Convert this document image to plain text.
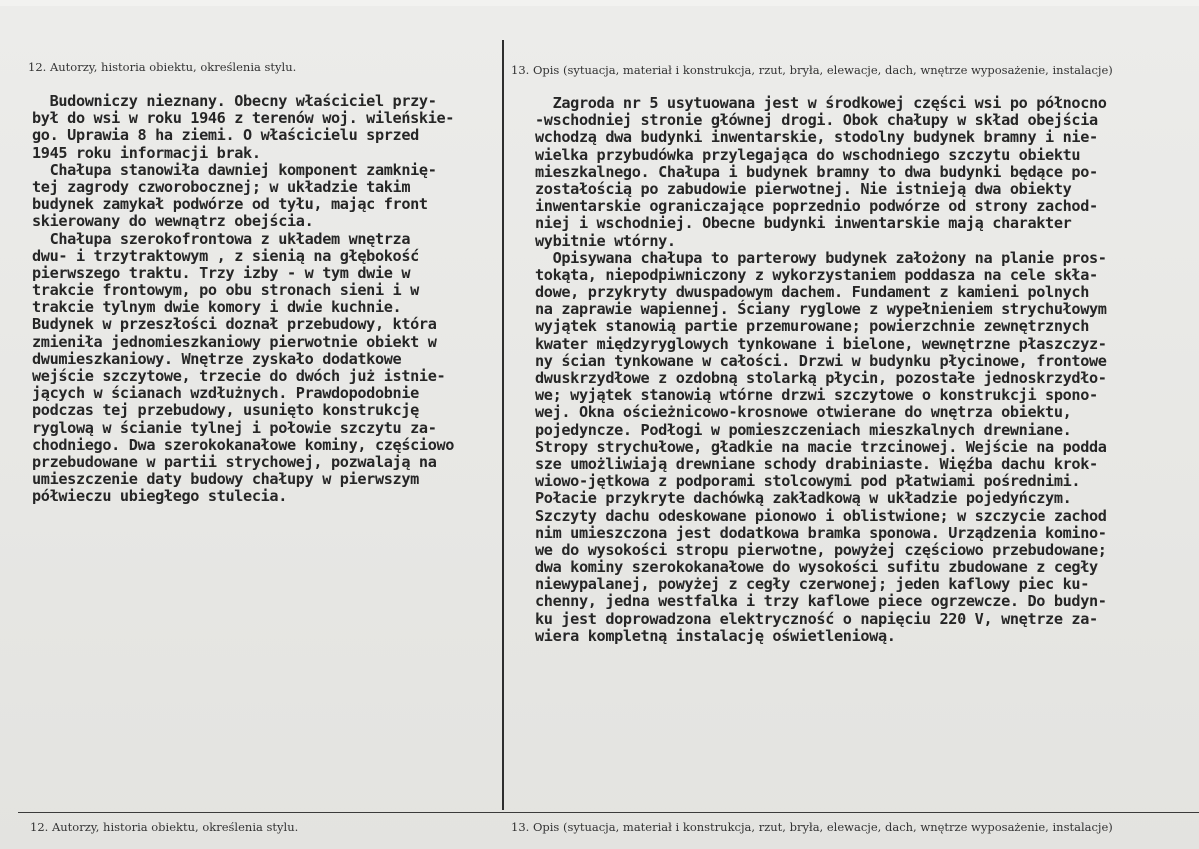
12. Autorzy, historia obiektu, określenia stylu.	13. Opis (sytuacja, materiał i konstrukcja, rzut, bryła, elewacje, dach, wnętrze wyposażenie, instalacje)
Budowniczy nieznany. Obecny właściciel przy-
był do wsi w roku 1946 z terenów woj. wileńskie-
go. Uprawia 8 ha ziemi. O właścicielu sprzed
1945 roku informacji brak.
Chałupa stanowiła dawniej komponent zamknię-
tej zagrody czworobocznej; w układzie takim
budynek zamykał podwórze od tyłu, mając front
skierowany do wewnątrz obejścia.
Chałupa szerokofrontowa z układem wnętrza
dwu- i trzytraktowym , z sienią na głębokość
pierwszego traktu. Trzy izby - w tym dwie w
trakcie frontowym, po obu stronach sieni i w
trakcie tylnym dwie komory i dwie kuchnie.
Budynek w przeszłości doznał przebudowy, która
zmieniła jednomieszkaniowy pierwotnie obiekt w
dwumieszkaniowy. Wnętrze zyskało dodatkowe
wejście szczytowe, trzecie do dwóch już istnie-
jących w ścianach wzdłużnych. Prawdopodobnie
podczas tej przebudowy, usunięto konstrukcję
ryglową w ścianie tylnej i połowie szczytu za-
chodniego. Dwa szerokokanałowe kominy, częściowo
przebudowane w partii strychowej, pozwalają na
umieszczenie daty budowy chałupy w pierwszym
półwieczu ubiegłego stulecia.
Zagroda nr 5 usytuowana jest w środkowej części wsi po północno
-wschodniej stronie głównej drogi. Obok chałupy w skład obejścia
wchodzą dwa budynki inwentarskie, stodolny budynek bramny i nie-
wielka przybudówka przylegająca do wschodniego szczytu obiektu
mieszkalnego. Chałupa i budynek bramny to dwa budynki będące po-
zostałością po zabudowie pierwotnej. Nie istnieją dwa obiekty
inwentarskie ograniczające poprzednio podwórze od strony zachod-
niej i wschodniej. Obecne budynki inwentarskie mają charakter
wybitnie wtórny.
Opisywana chałupa to parterowy budynek założony na planie pros-
tokąta, niepodpiwniczony z wykorzystaniem poddasza na cele skła-
dowe, przykryty dwuspadowym dachem. Fundament z kamieni polnych
na zaprawie wapiennej. Ściany ryglowe z wypełnieniem strychułowym
wyjątek stanowią partie przemurowane; powierzchnie zewnętrznych
kwater międzyryglowych tynkowane i bielone, wewnętrzne płaszczyz-
ny ścian tynkowane w całości. Drzwi w budynku płycinowe, frontowe
dwuskrzydłowe z ozdobną stolarką płycin, pozostałe jednoskrzydło-
we; wyjątek stanowią wtórne drzwi szczytowe o konstrukcji spono-
wej. Okna ościeżnicowo-krosnowe otwierane do wnętrza obiektu,
pojedyncze. Podłogi w pomieszczeniach mieszkalnych drewniane.
Stropy strychułowe, gładkie na macie trzcinowej. Wejście na podda
sze umożliwiają drewniane schody drabiniaste. Więźba dachu krok-
wiowo-jętkowa z podporami stolcowymi pod płatwiami pośrednimi.
Połacie przykryte dachówką zakładkową w układzie pojedyńczym.
Szczyty dachu odeskowane pionowo i oblistwione; w szczycie zachod
nim umieszczona jest dodatkowa bramka sponowa. Urządzenia komino-
we do wysokości stropu pierwotne, powyżej częściowo przebudowane;
dwa kominy szerokokanałowe do wysokości sufitu zbudowane z cegły
niewypalanej, powyżej z cegły czerwonej; jeden kaflowy piec ku-
chenny, jedna westfalka i trzy kaflowe piece ogrzewcze. Do budyn-
ku jest doprowadzona elektryczność o napięciu 220 V, wnętrze za-
wiera kompletną instalację oświetleniową.
12. Autorzy, historia obiektu, określenia stylu.	13. Opis (sytuacja, materiał i konstrukcja, rzut, bryła, elewacje, dach, wnętrze wyposażenie, instalacje)
